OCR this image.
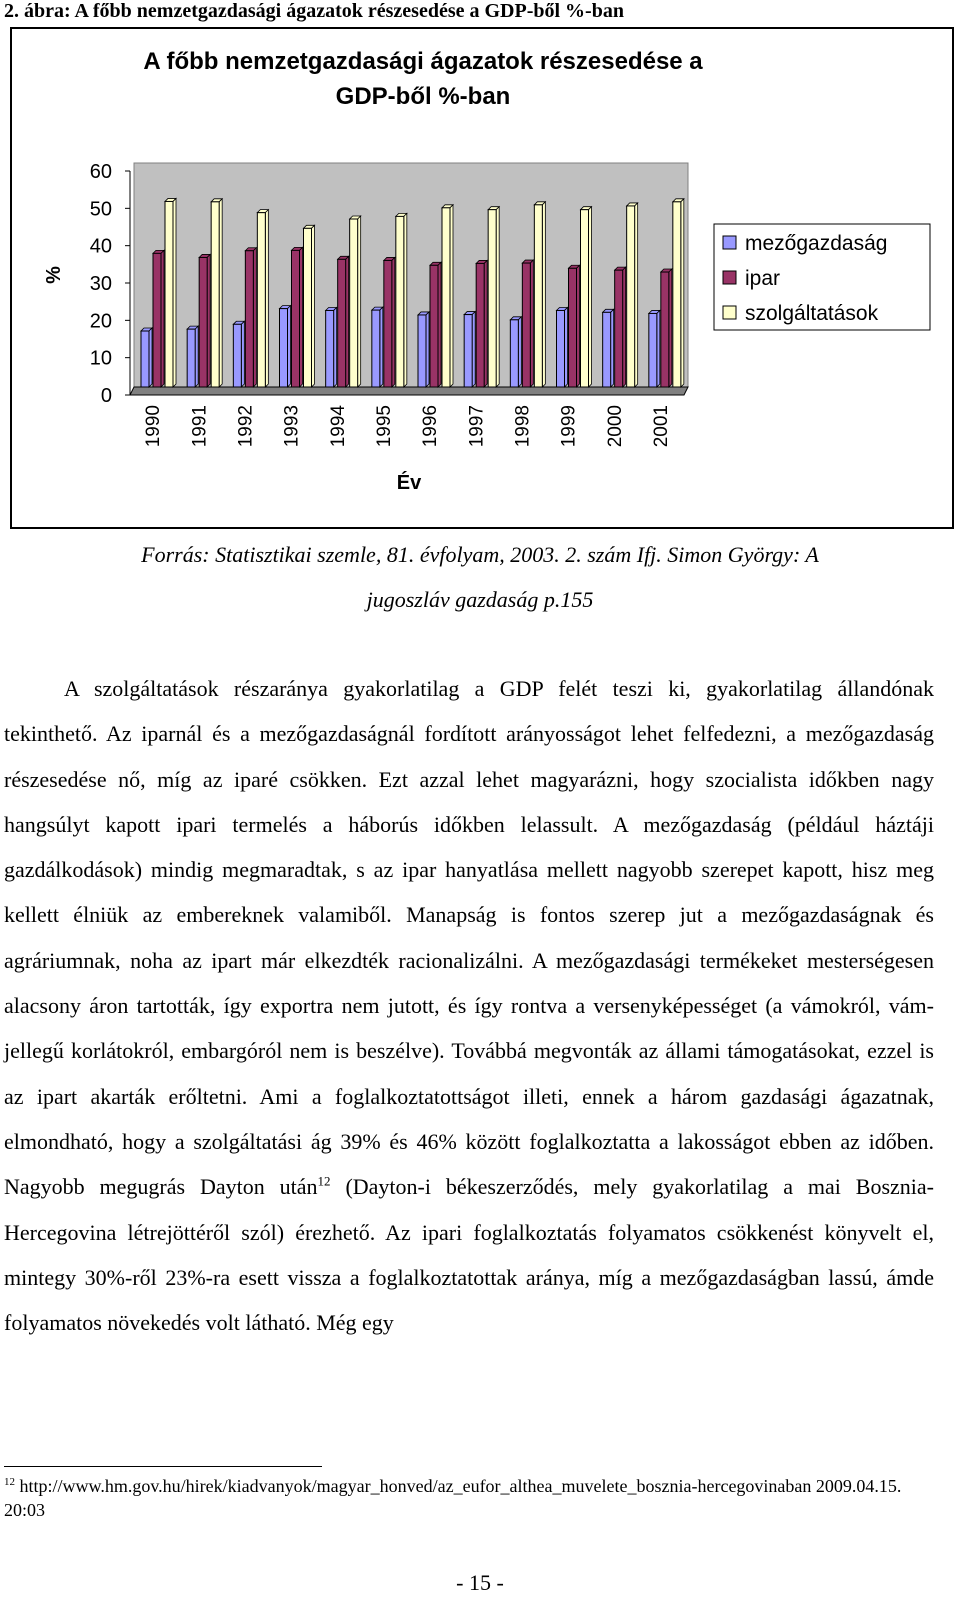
2. ábra: A főbb nemzetgazdasági ágazatok részesedése a GDP-ből %-ban
A főbb nemzetgazdasági ágazatok részesedése a
GDP-ből %-ban
0
10
20
30
40
50
60
%
1990 1991 1992 1993 1994 1995 1996 1997 1998 1999 2000 2001
Év
mezőgazdaság
ipar
szolgáltatások
Forrás: Statisztikai szemle, 81. évfolyam, 2003. 2. szám Ifj. Simon György: A
jugoszláv gazdaság p.155

A szolgáltatások részaránya gyakorlatilag a GDP felét teszi ki, gyakorlatilag állandónak tekinthető. Az iparnál és a mezőgazdaságnál fordított arányosságot lehet felfedezni, a mezőgazdaság részesedése nő, míg az iparé csökken. Ezt azzal lehet magyarázni, hogy szocialista időkben nagy hangsúlyt kapott ipari termelés a háborús időkben lelassult. A mezőgazdaság (például háztáji gazdálkodások) mindig megmaradtak, s az ipar hanyatlása mellett nagyobb szerepet kapott, hisz meg kellett élniük az embereknek valamiből. Manapság is fontos szerep jut a mezőgazdaságnak és agráriumnak, noha az ipart már elkezdték racionalizálni. A mezőgazdasági termékeket mesterségesen alacsony áron tartották, így exportra nem jutott, és így rontva a versenyképességet (a vámokról, vám-jellegű korlátokról, embargóról nem is beszélve). Továbbá megvonták az állami támogatásokat, ezzel is az ipart akarták erőltetni. Ami a foglalkoztatottságot illeti, ennek a három gazdasági ágazatnak, elmondható, hogy a szolgáltatási ág 39% és 46% között foglalkoztatta a lakosságot ebben az időben. Nagyobb megugrás Dayton után$^{12}$ (Dayton-i békeszerződés, mely gyakorlatilag a mai Bosznia-Hercegovina létrejöttéről szól) érezhető. Az ipari foglalkoztatás folyamatos csökkenést könyvelt el, mintegy 30%-ről 23%-ra esett vissza a foglalkoztatottak aránya, míg a mezőgazdaságban lassú, ámde folyamatos növekedés volt látható. Még egy

$^{12}$ http://www.hm.gov.hu/hirek/kiadvanyok/magyar_honved/az_eufor_althea_muvelete_bosznia-hercegovinaban 2009.04.15. 20:03
- 15 -
